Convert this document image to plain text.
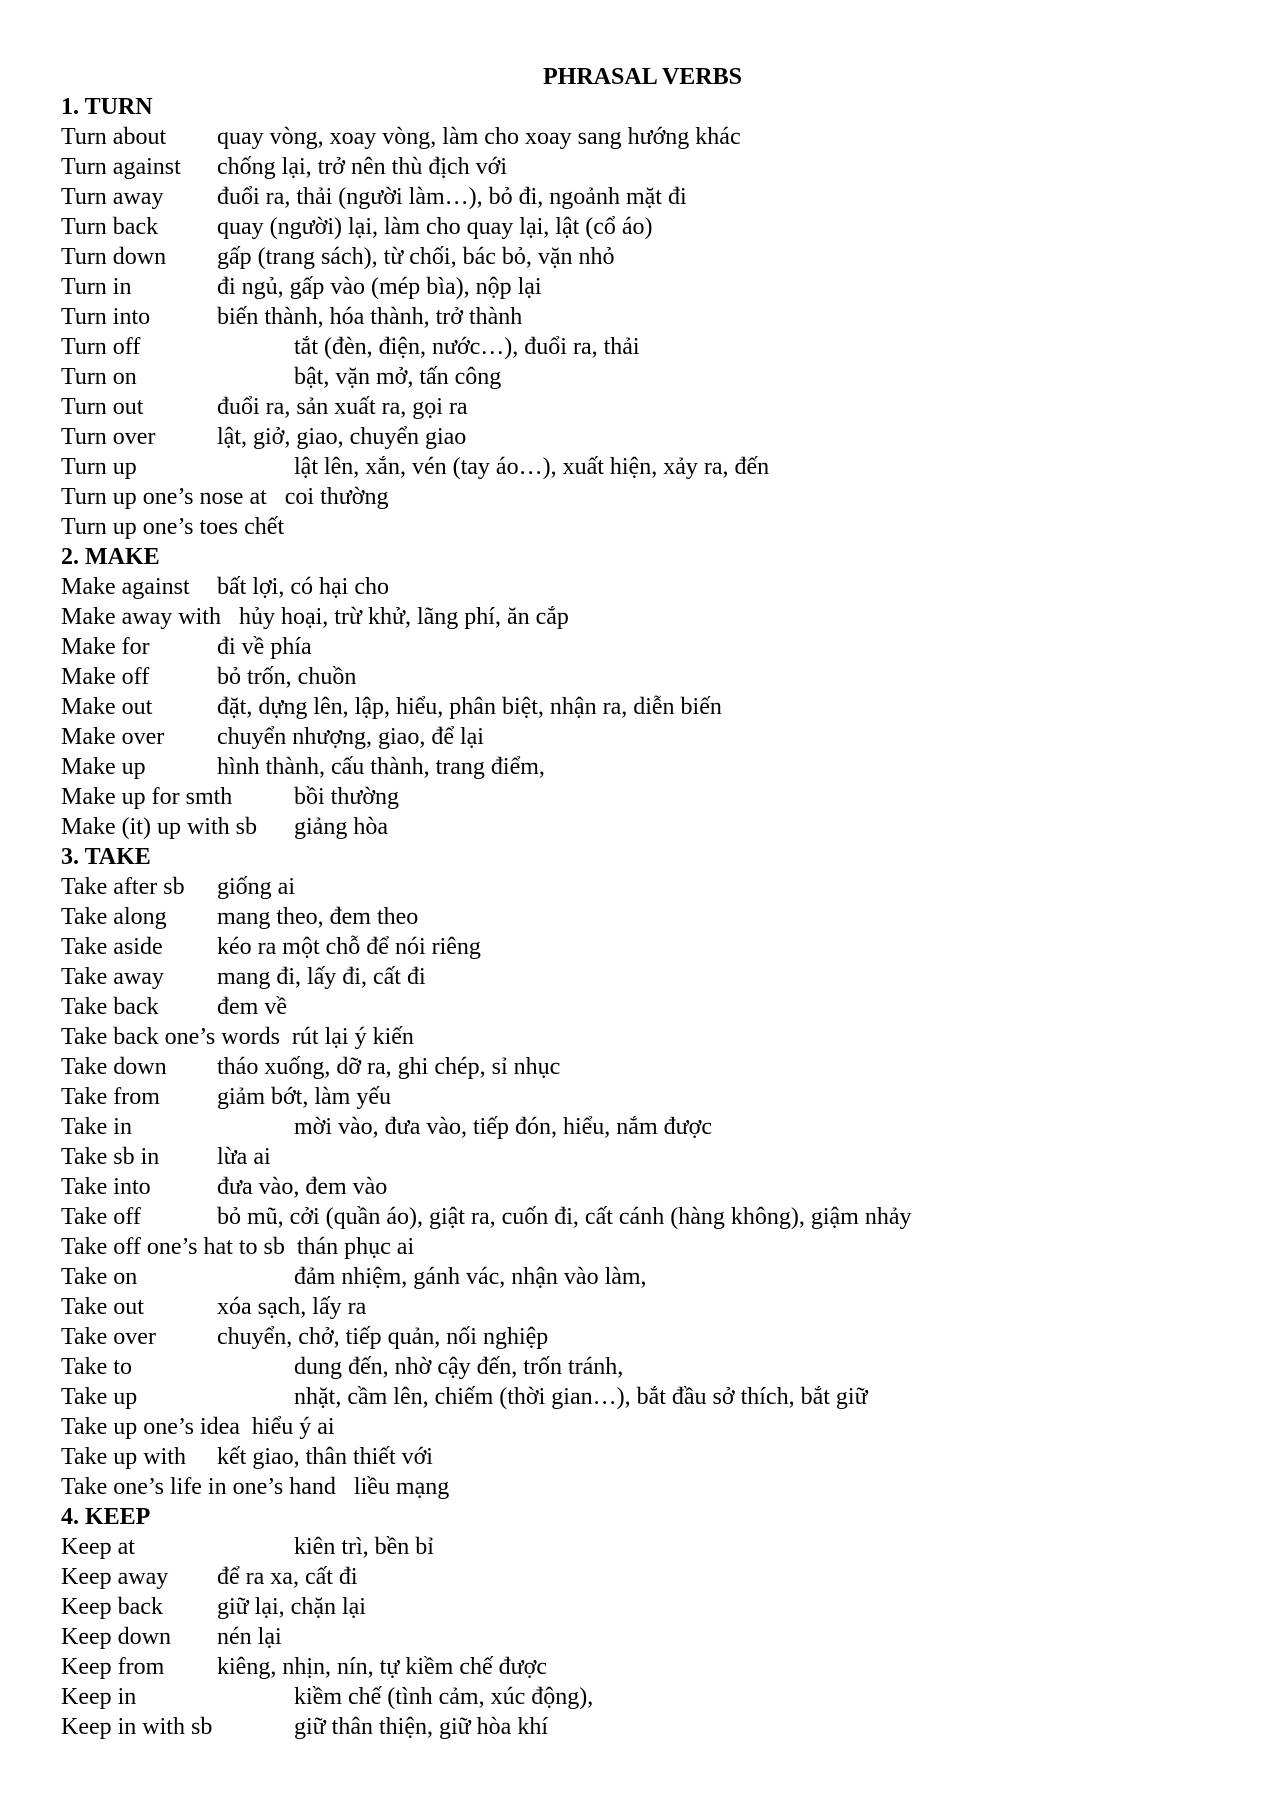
PHRASAL VERBS
1. TURN
Turn about quay vòng, xoay vòng, làm cho xoay sang hướng khác
Turn against chống lại, trở nên thù địch với
Turn away đuổi ra, thải (người làm…), bỏ đi, ngoảnh mặt đi
Turn back quay (người) lại, làm cho quay lại, lật (cổ áo)
Turn down gấp (trang sách), từ chối, bác bỏ, vặn nhỏ
Turn in	đi ngủ, gấp vào (mép bìa), nộp lại
Turn into	biến thành, hóa thành, trở thành
Turn off	tắt (đèn, điện, nước…), đuổi ra, thải
Turn on	bật, vặn mở, tấn công
Turn out	đuổi ra, sản xuất ra, gọi ra
Turn over	lật, giở, giao, chuyển giao
Turn up	lật lên, xắn, vén (tay áo…), xuất hiện, xảy ra, đến
Turn up one’s nose at coi thường
Turn up one’s toes chết
2. MAKE
Make against bất lợi, có hại cho
Make away with hủy hoại, trừ khử, lãng phí, ăn cắp
Make for	đi về phía
Make off	bỏ trốn, chuồn
Make out	đặt, dựng lên, lập, hiểu, phân biệt, nhận ra, diễn biến
Make over chuyển nhượng, giao, để lại
Make up	hình thành, cấu thành, trang điểm,
Make up for smth	bồi thường
Make (it) up with sb giảng hòa
3. TAKE
Take after sb giống ai
Take along mang theo, đem theo
Take aside kéo ra một chỗ để nói riêng
Take away mang đi, lấy đi, cất đi
Take back đem về
Take back one’s words rút lại ý kiến
Take down tháo xuống, dỡ ra, ghi chép, sỉ nhục
Take from giảm bớt, làm yếu
Take in	mời vào, đưa vào, tiếp đón, hiểu, nắm được
Take sb in lừa ai
Take into	đưa vào, đem vào
Take off	bỏ mũ, cởi (quần áo), giật ra, cuốn đi, cất cánh (hàng không), giậm nhảy
Take off one’s hat to sb thán phục ai
Take on	đảm nhiệm, gánh vác, nhận vào làm,
Take out	xóa sạch, lấy ra
Take over	chuyển, chở, tiếp quản, nối nghiệp
Take to	dung đến, nhờ cậy đến, trốn tránh,
Take up	nhặt, cầm lên, chiếm (thời gian…), bắt đầu sở thích, bắt giữ
Take up one’s idea hiểu ý ai
Take up with kết giao, thân thiết với
Take one’s life in one’s hand liều mạng
4. KEEP
Keep at	kiên trì, bền bỉ
Keep away để ra xa, cất đi
Keep back giữ lại, chặn lại
Keep down nén lại
Keep from kiêng, nhịn, nín, tự kiềm chế được
Keep in	kiềm chế (tình cảm, xúc động),
Keep in with sb	giữ thân thiện, giữ hòa khí
